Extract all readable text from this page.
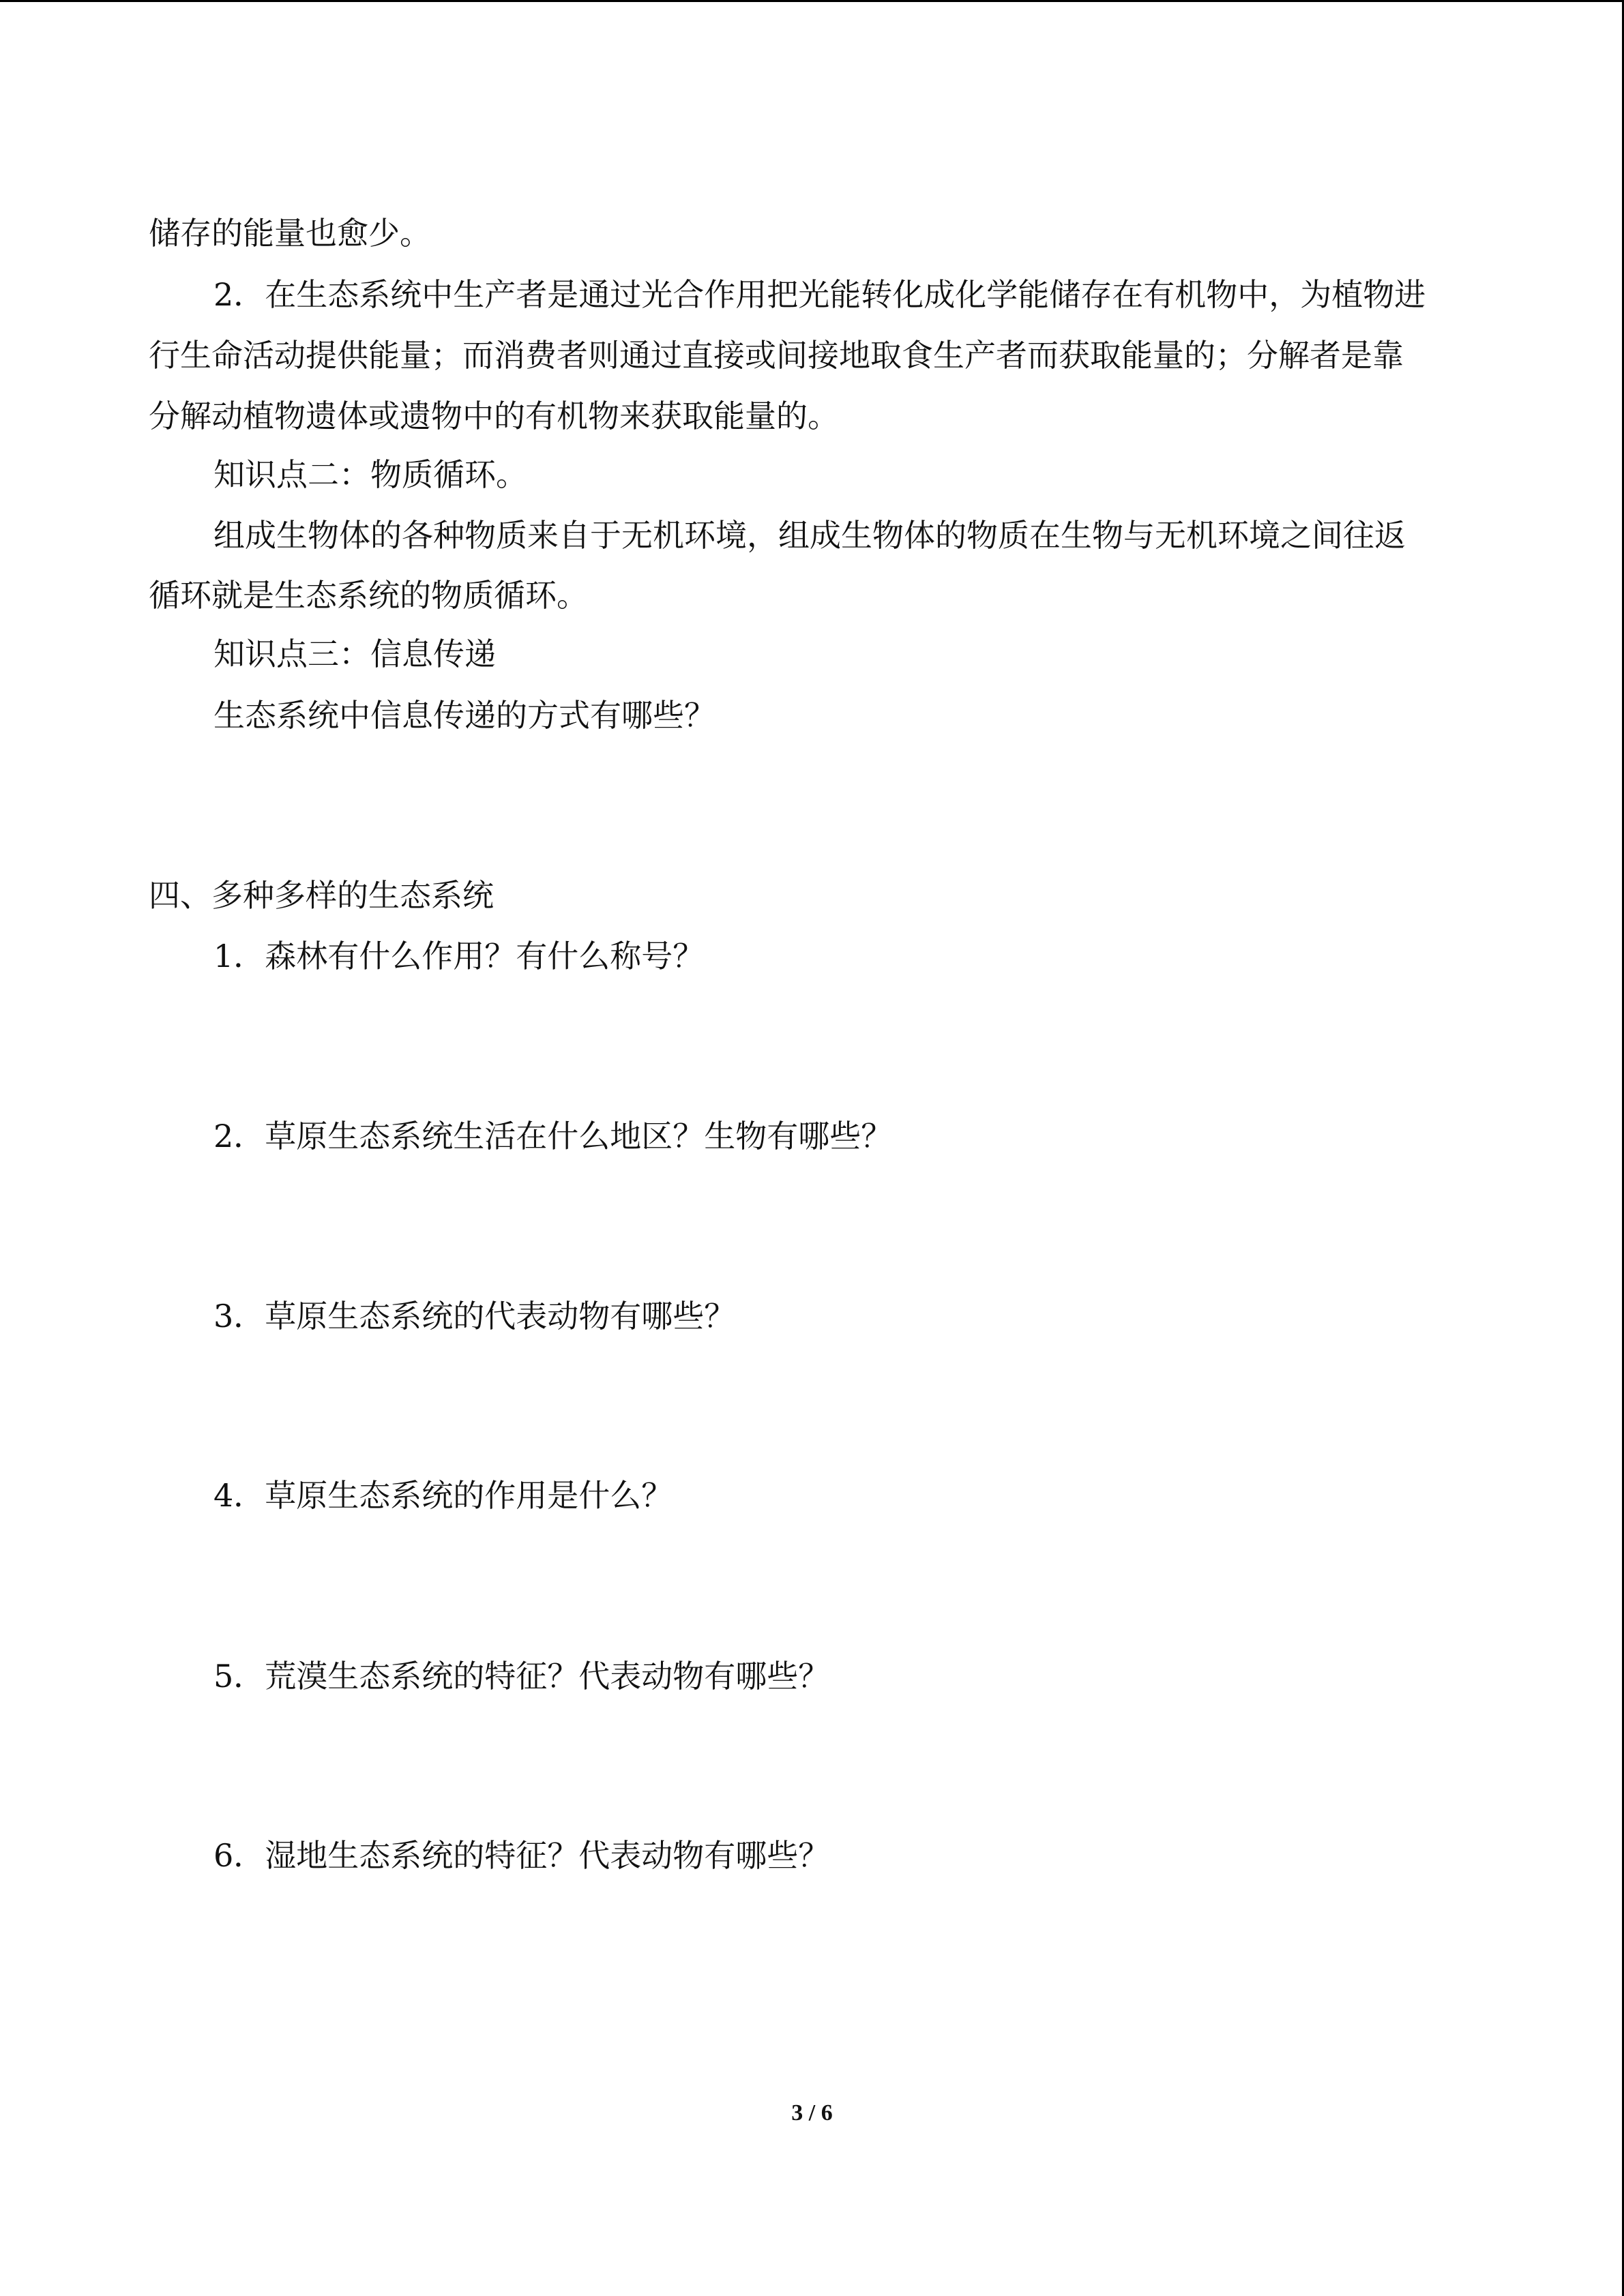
储存的能量也愈少。
2．在生态系统中生产者是通过光合作用把光能转化成化学能储存在有机物中，为植物进
行生命活动提供能量；而消费者则通过直接或间接地取食生产者而获取能量的；分解者是靠
分解动植物遗体或遗物中的有机物来获取能量的。
知识点二：物质循环。
组成生物体的各种物质来自于无机环境，组成生物体的物质在生物与无机环境之间往返
循环就是生态系统的物质循环。
知识点三：信息传递
生态系统中信息传递的方式有哪些？
四、多种多样的生态系统
1．森林有什么作用？有什么称号？
2．草原生态系统生活在什么地区？生物有哪些？
3．草原生态系统的代表动物有哪些？
4．草原生态系统的作用是什么？
5．荒漠生态系统的特征？代表动物有哪些？
6．湿地生态系统的特征？代表动物有哪些？
3 / 6
